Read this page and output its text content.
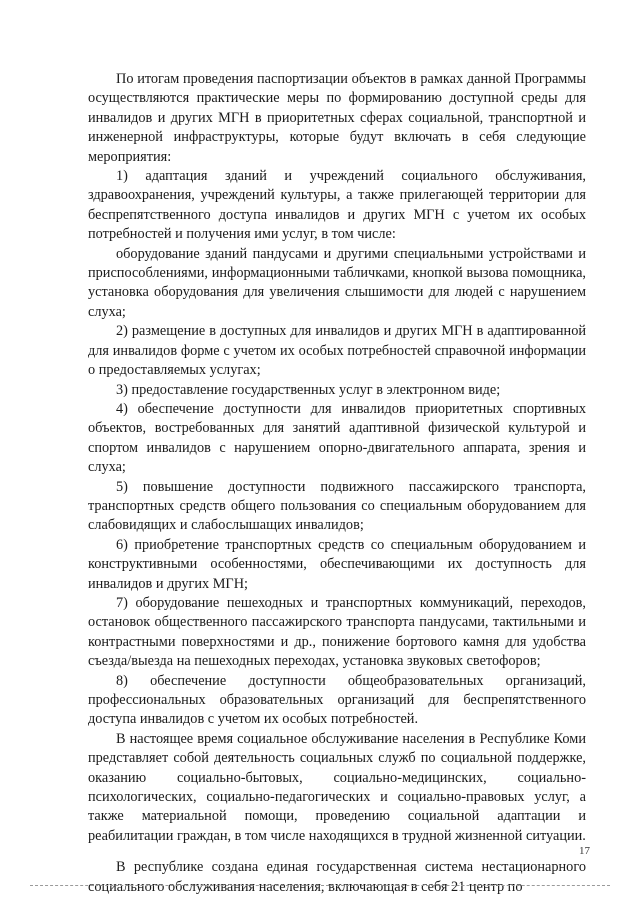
По итогам проведения паспортизации объектов в рамках данной Программы осуществляются практические меры по формированию доступной среды для инвалидов и других МГН в приоритетных сферах социальной, транспортной и инженерной инфраструктуры, которые будут включать в себя следующие мероприятия:

1) адаптация зданий и учреждений социального обслуживания, здравоохранения, учреждений культуры, а также прилегающей территории для беспрепятственного доступа инвалидов и других МГН с учетом их особых потребностей и получения ими услуг, в том числе:

оборудование зданий пандусами и другими специальными устройствами и приспособлениями, информационными табличками, кнопкой вызова помощника, установка оборудования для увеличения слышимости для людей с нарушением слуха;

2) размещение в доступных для инвалидов и других МГН в адаптированной для инвалидов форме с учетом их особых потребностей справочной информации о предоставляемых услугах;

3) предоставление государственных услуг в электронном виде;

4) обеспечение доступности для инвалидов приоритетных спортивных объектов, востребованных для занятий адаптивной физической культурой и спортом инвалидов с нарушением опорно-двигательного аппарата, зрения и слуха;

5) повышение доступности подвижного пассажирского транспорта, транспортных средств общего пользования со специальным оборудованием для слабовидящих и слабослышащих инвалидов;

6) приобретение транспортных средств со специальным оборудованием и конструктивными особенностями, обеспечивающими их доступность для инвалидов и других МГН;

7) оборудование пешеходных и транспортных коммуникаций, переходов, остановок общественного пассажирского транспорта пандусами, тактильными и контрастными поверхностями и др., понижение бортового камня для удобства съезда/выезда на пешеходных переходах, установка звуковых светофоров;

8) обеспечение доступности общеобразовательных организаций, профессиональных образовательных организаций для беспрепятственного доступа инвалидов с учетом их особых потребностей.

В настоящее время социальное обслуживание населения в Республике Коми представляет собой деятельность социальных служб по социальной поддержке, оказанию социально-бытовых, социально-медицинских, социально-психологических, социально-педагогических и социально-правовых услуг, а также материальной помощи, проведению социальной адаптации и реабилитации граждан, в том числе находящихся в трудной жизненной ситуации.

В республике создана единая государственная система нестационарного социального обслуживания населения, включающая в себя 21 центр по

17
